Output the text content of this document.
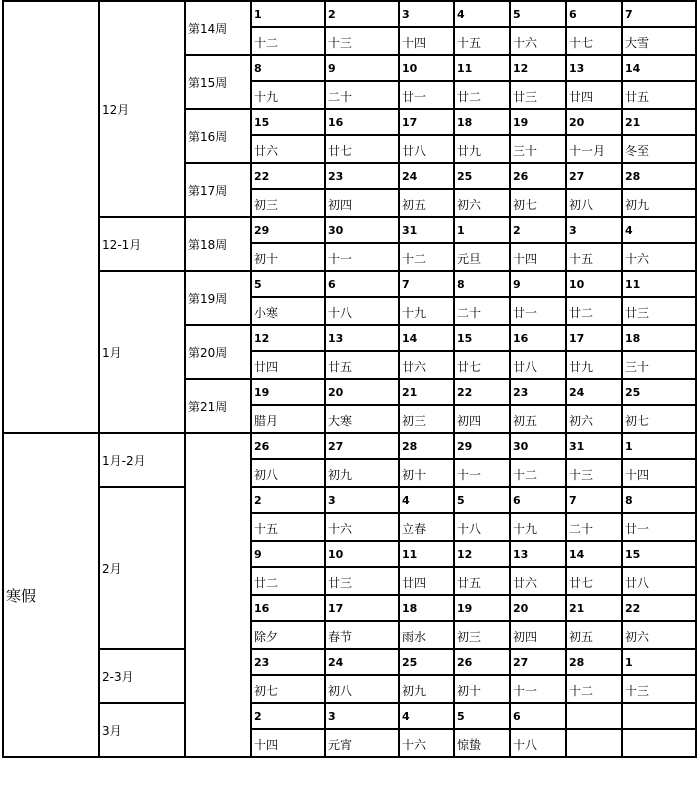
	12月	第14周	1	2	3	4	5	6	7
			十二	十三	十四	十五	十六	十七	大雪
		第15周	8	9	10	11	12	13	14
			十九	二十	廿一	廿二	廿三	廿四	廿五
		第16周	15	16	17	18	19	20	21
			廿六	廿七	廿八	廿九	三十	十一月	冬至
		第17周	22	23	24	25	26	27	28
			初三	初四	初五	初六	初七	初八	初九
	12-1月	第18周	29	30	31	1	2	3	4
			初十	十一	十二	元旦	十四	十五	十六
	1月	第19周	5	6	7	8	9	10	11
			小寒	十八	十九	二十	廿一	廿二	廿三
		第20周	12	13	14	15	16	17	18
			廿四	廿五	廿六	廿七	廿八	廿九	三十
		第21周	19	20	21	22	23	24	25
			腊月	大寒	初三	初四	初五	初六	初七
寒假	1月-2月		26	27	28	29	30	31	1
			初八	初九	初十	十一	十二	十三	十四
	2月		2	3	4	5	6	7	8
			十五	十六	立春	十八	十九	二十	廿一
			9	10	11	12	13	14	15
			廿二	廿三	廿四	廿五	廿六	廿七	廿八
			16	17	18	19	20	21	22
			除夕	春节	雨水	初三	初四	初五	初六
	2-3月		23	24	25	26	27	28	1
			初七	初八	初九	初十	十一	十二	十三
	3月		2	3	4	5	6		
			十四	元宵	十六	惊蛰	十八		
